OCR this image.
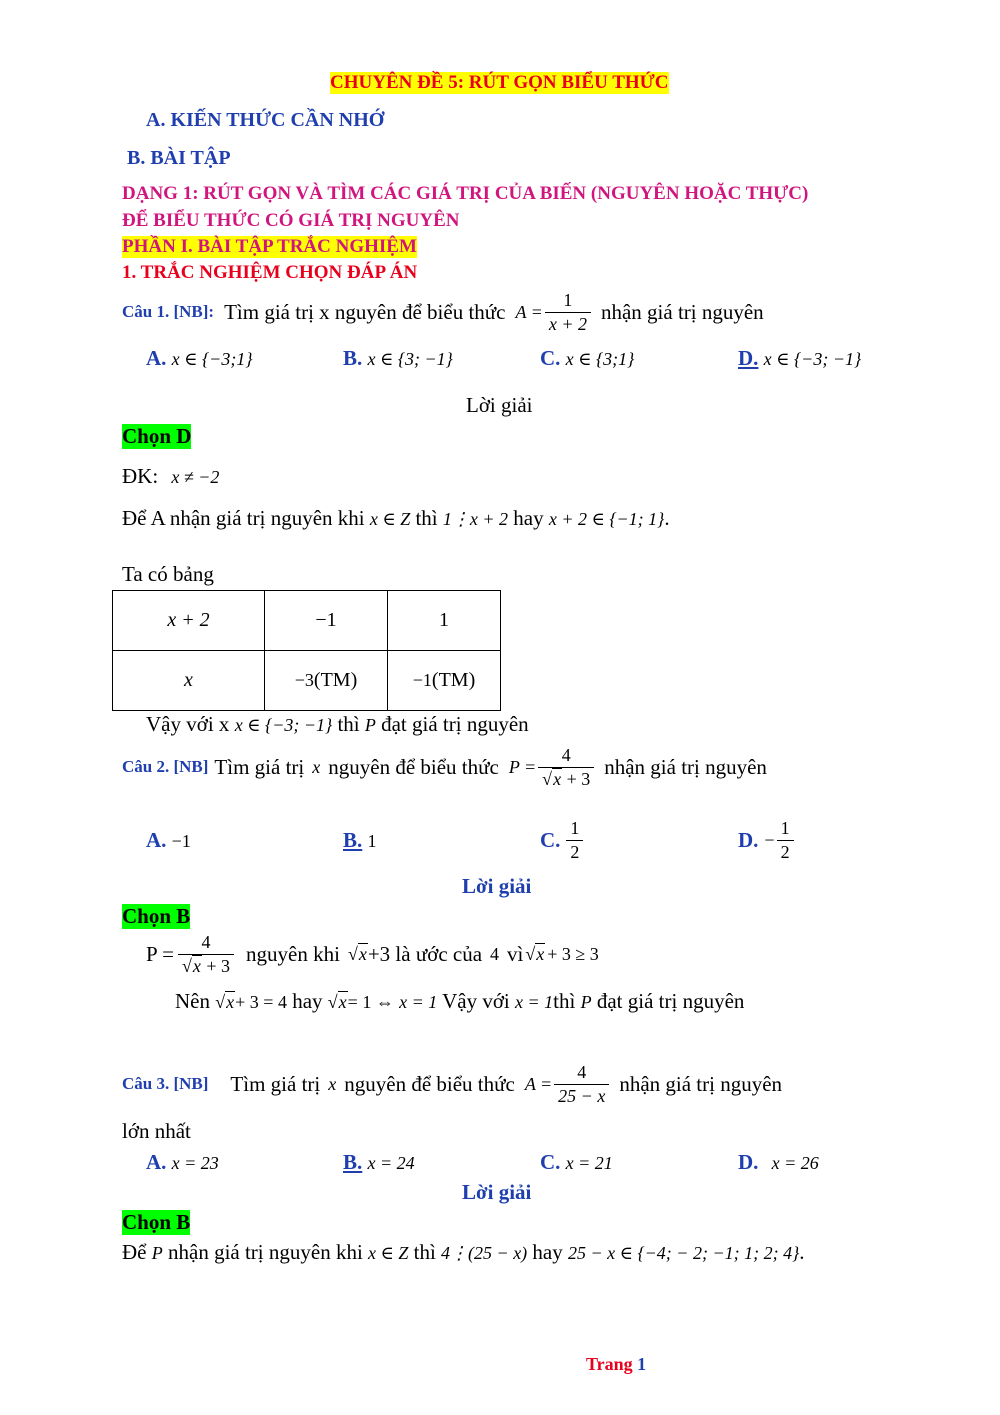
CHUYÊN ĐỀ 5: RÚT GỌN BIỂU THỨC
A. KIẾN THỨC CẦN NHỚ
B. BÀI TẬP
DẠNG 1: RÚT GỌN VÀ TÌM CÁC GIÁ TRỊ CỦA BIẾN (NGUYÊN HOẶC THỰC)
ĐỂ BIỂU THỨC CÓ GIÁ TRỊ NGUYÊN
PHẦN I. BÀI TẬP TRẮC NGHIỆM
1. TRẮC NGHIỆM CHỌN ĐÁP ÁN
Câu 1. [NB]: Tìm giá trị x nguyên để biểu thức $A = \frac{1}{x + 2}$ nhận giá trị nguyên
A. x ∈ {−3;1}	B. x ∈ {3; −1}	C. x ∈ {3;1}	D. x ∈ {−3; −1}
Lời giải
Chọn D
ĐK: x ≠ −2
Để A nhận giá trị nguyên khi x ∈ Z thì 1⋮x + 2 hay x + 2 ∈ {−1; 1}.
Ta có bảng
x + 2	−1	1
x	−3(TM)	−1(TM)
Vậy với x x ∈ {−3; −1} thì P đạt giá trị nguyên
Câu 2. [NB] Tìm giá trị x nguyên để biểu thức $P = \frac{4}{√x + 3}$ nhận giá trị nguyên
A. −1	B. 1	C. $\frac{1}{2}$	D. − $\frac{1}{2}$
Lời giải
Chọn B
$P = \frac{4}{√x + 3}$ nguyên khi √x +3 là ước của 4 vì √x + 3 ≥ 3
Nên √x+ 3 = 4 hay √x= 1 ⇔ x = 1 Vậy với x = 1thì P đạt giá trị nguyên
Câu 3. [NB] Tìm giá trị x nguyên để biểu thức $A = \frac{4}{25 - x}$ nhận giá trị nguyên
lớn nhất
A. x = 23	B. x = 24	C. x = 21	D. x = 26
Lời giải
Chọn B
Để P nhận giá trị nguyên khi x ∈ Z thì 4⋮(25 − x) hay 25 − x ∈ {−4; − 2; −1; 1; 2; 4}.
Trang 1
